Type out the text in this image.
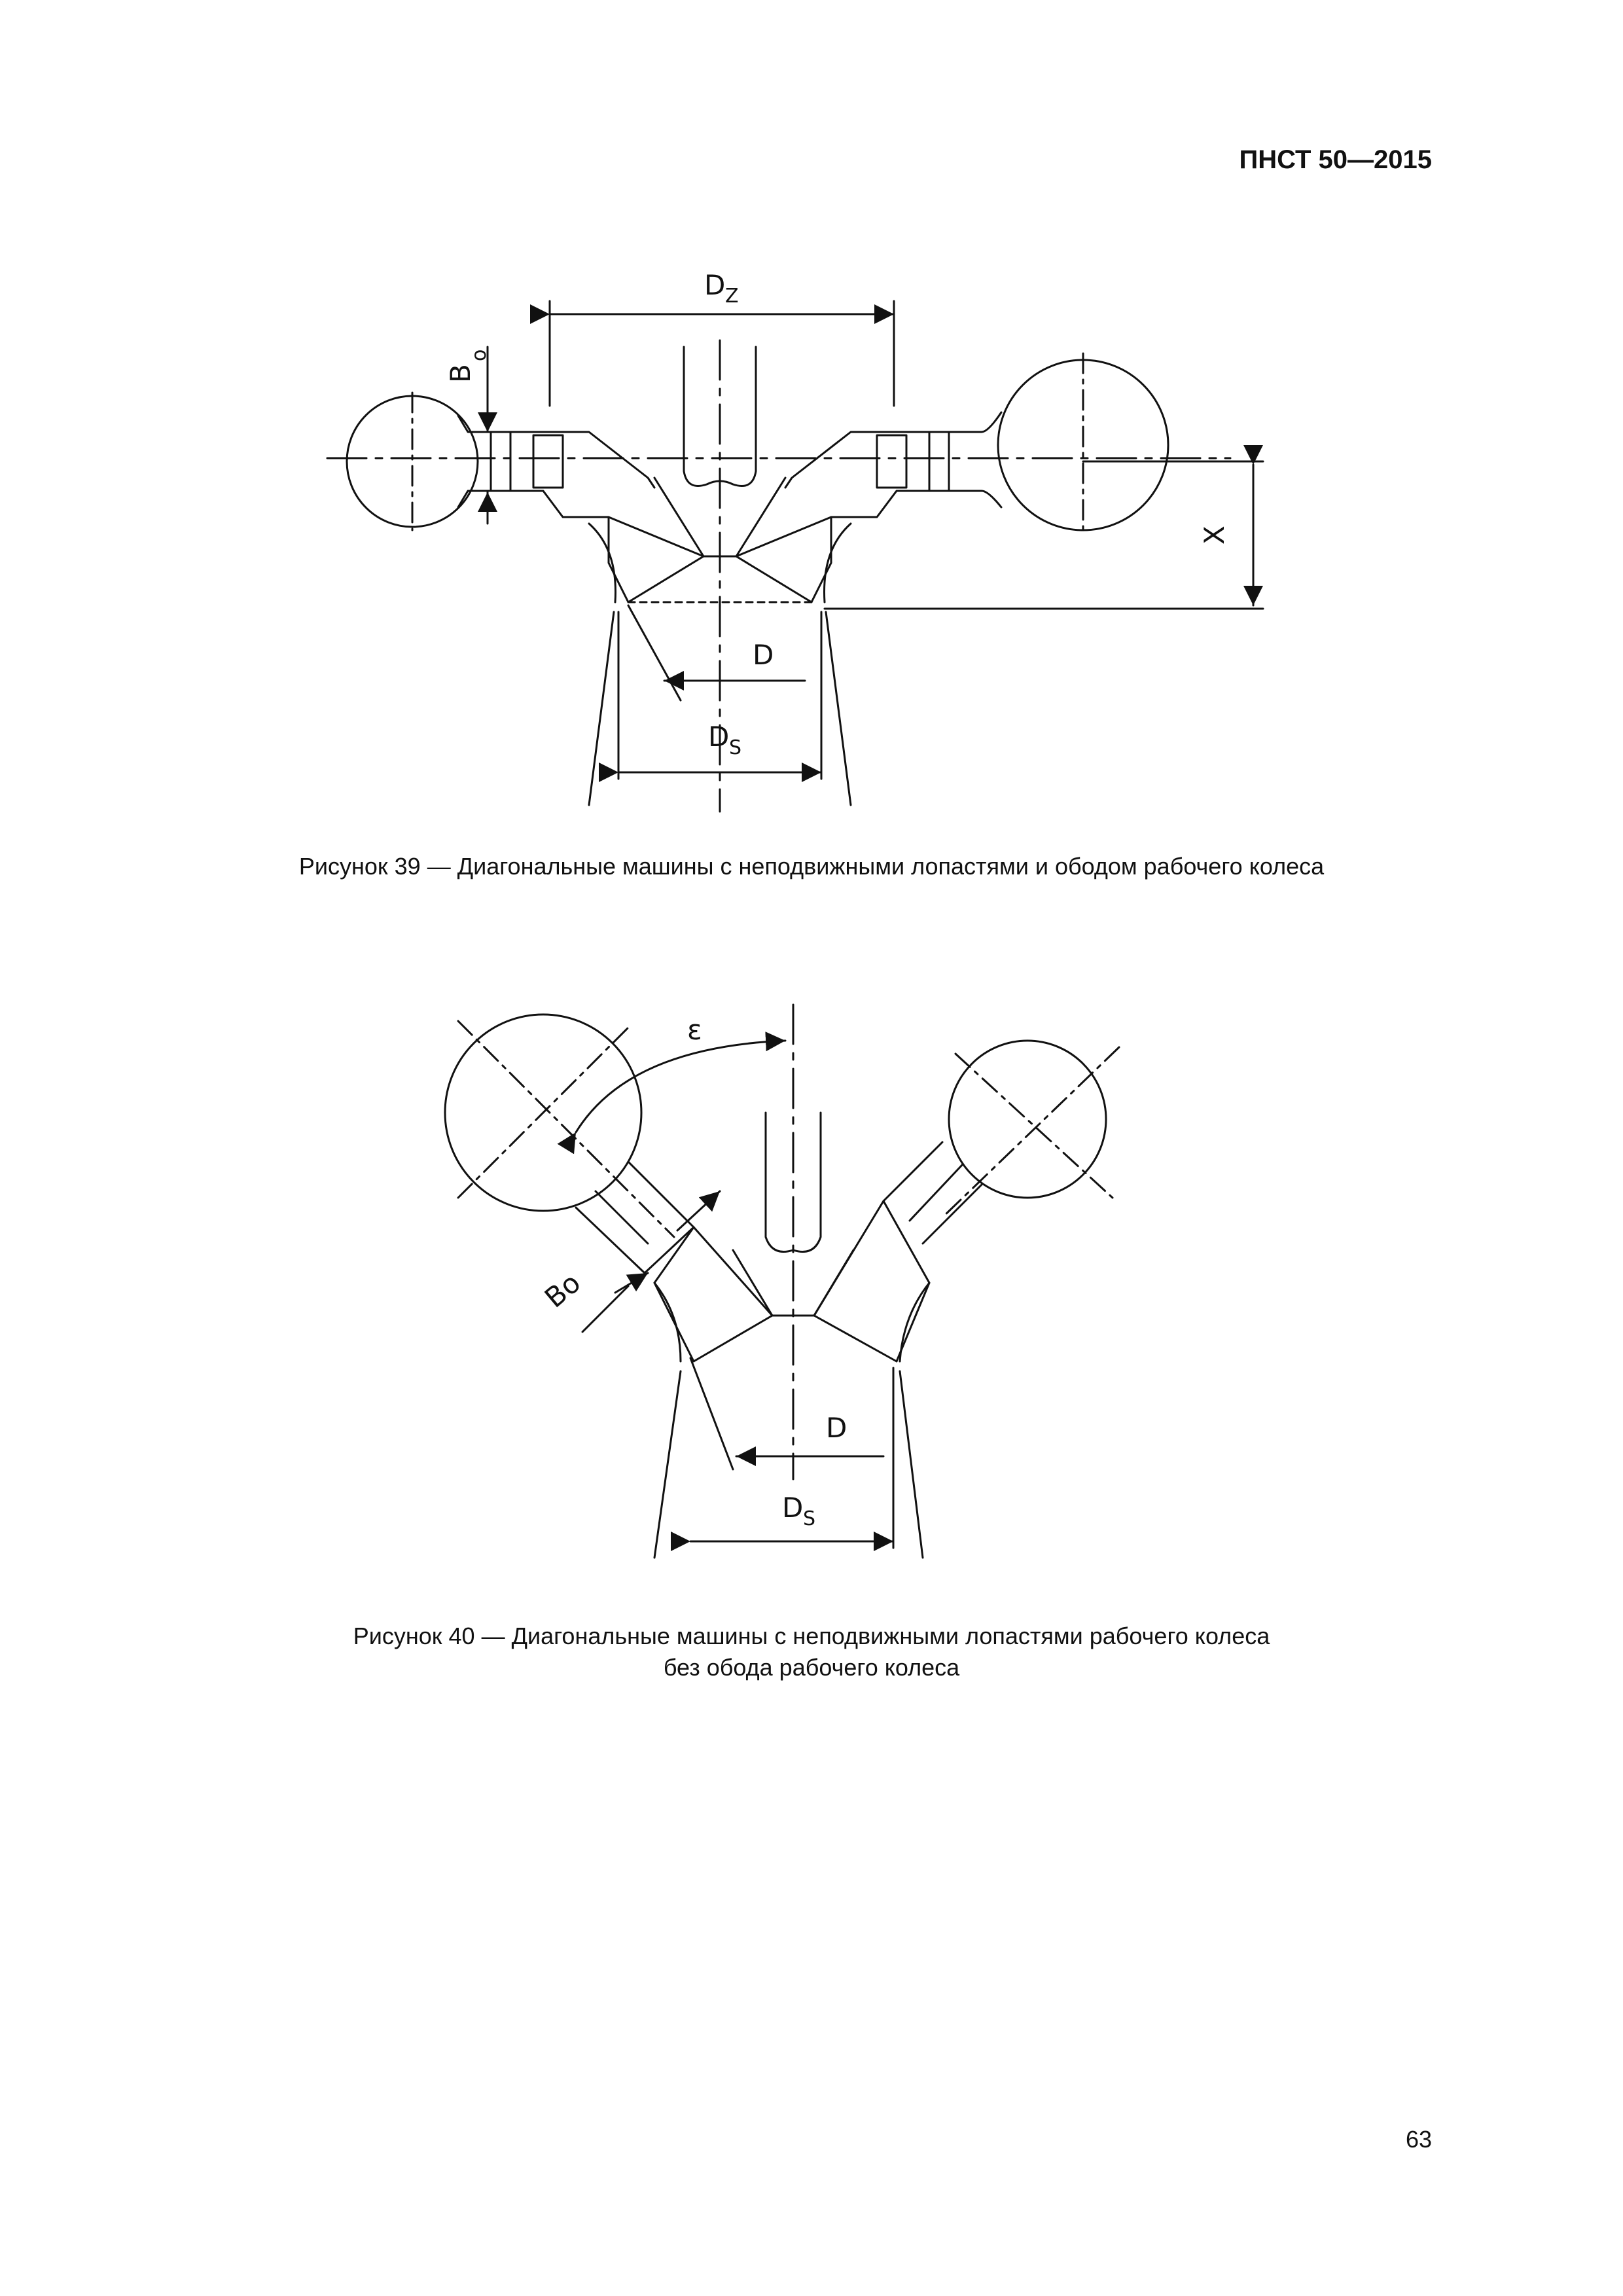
ПНСТ 50—2015
D Z
B
o
X
D
D S
Рисунок 39 — Диагональные машины с неподвижными лопастями и ободом рабочего колеса
Bo
ε
D
D S
Рисунок 40 — Диагональные машины с неподвижными лопастями рабочего колеса
без обода рабочего колеса
63
